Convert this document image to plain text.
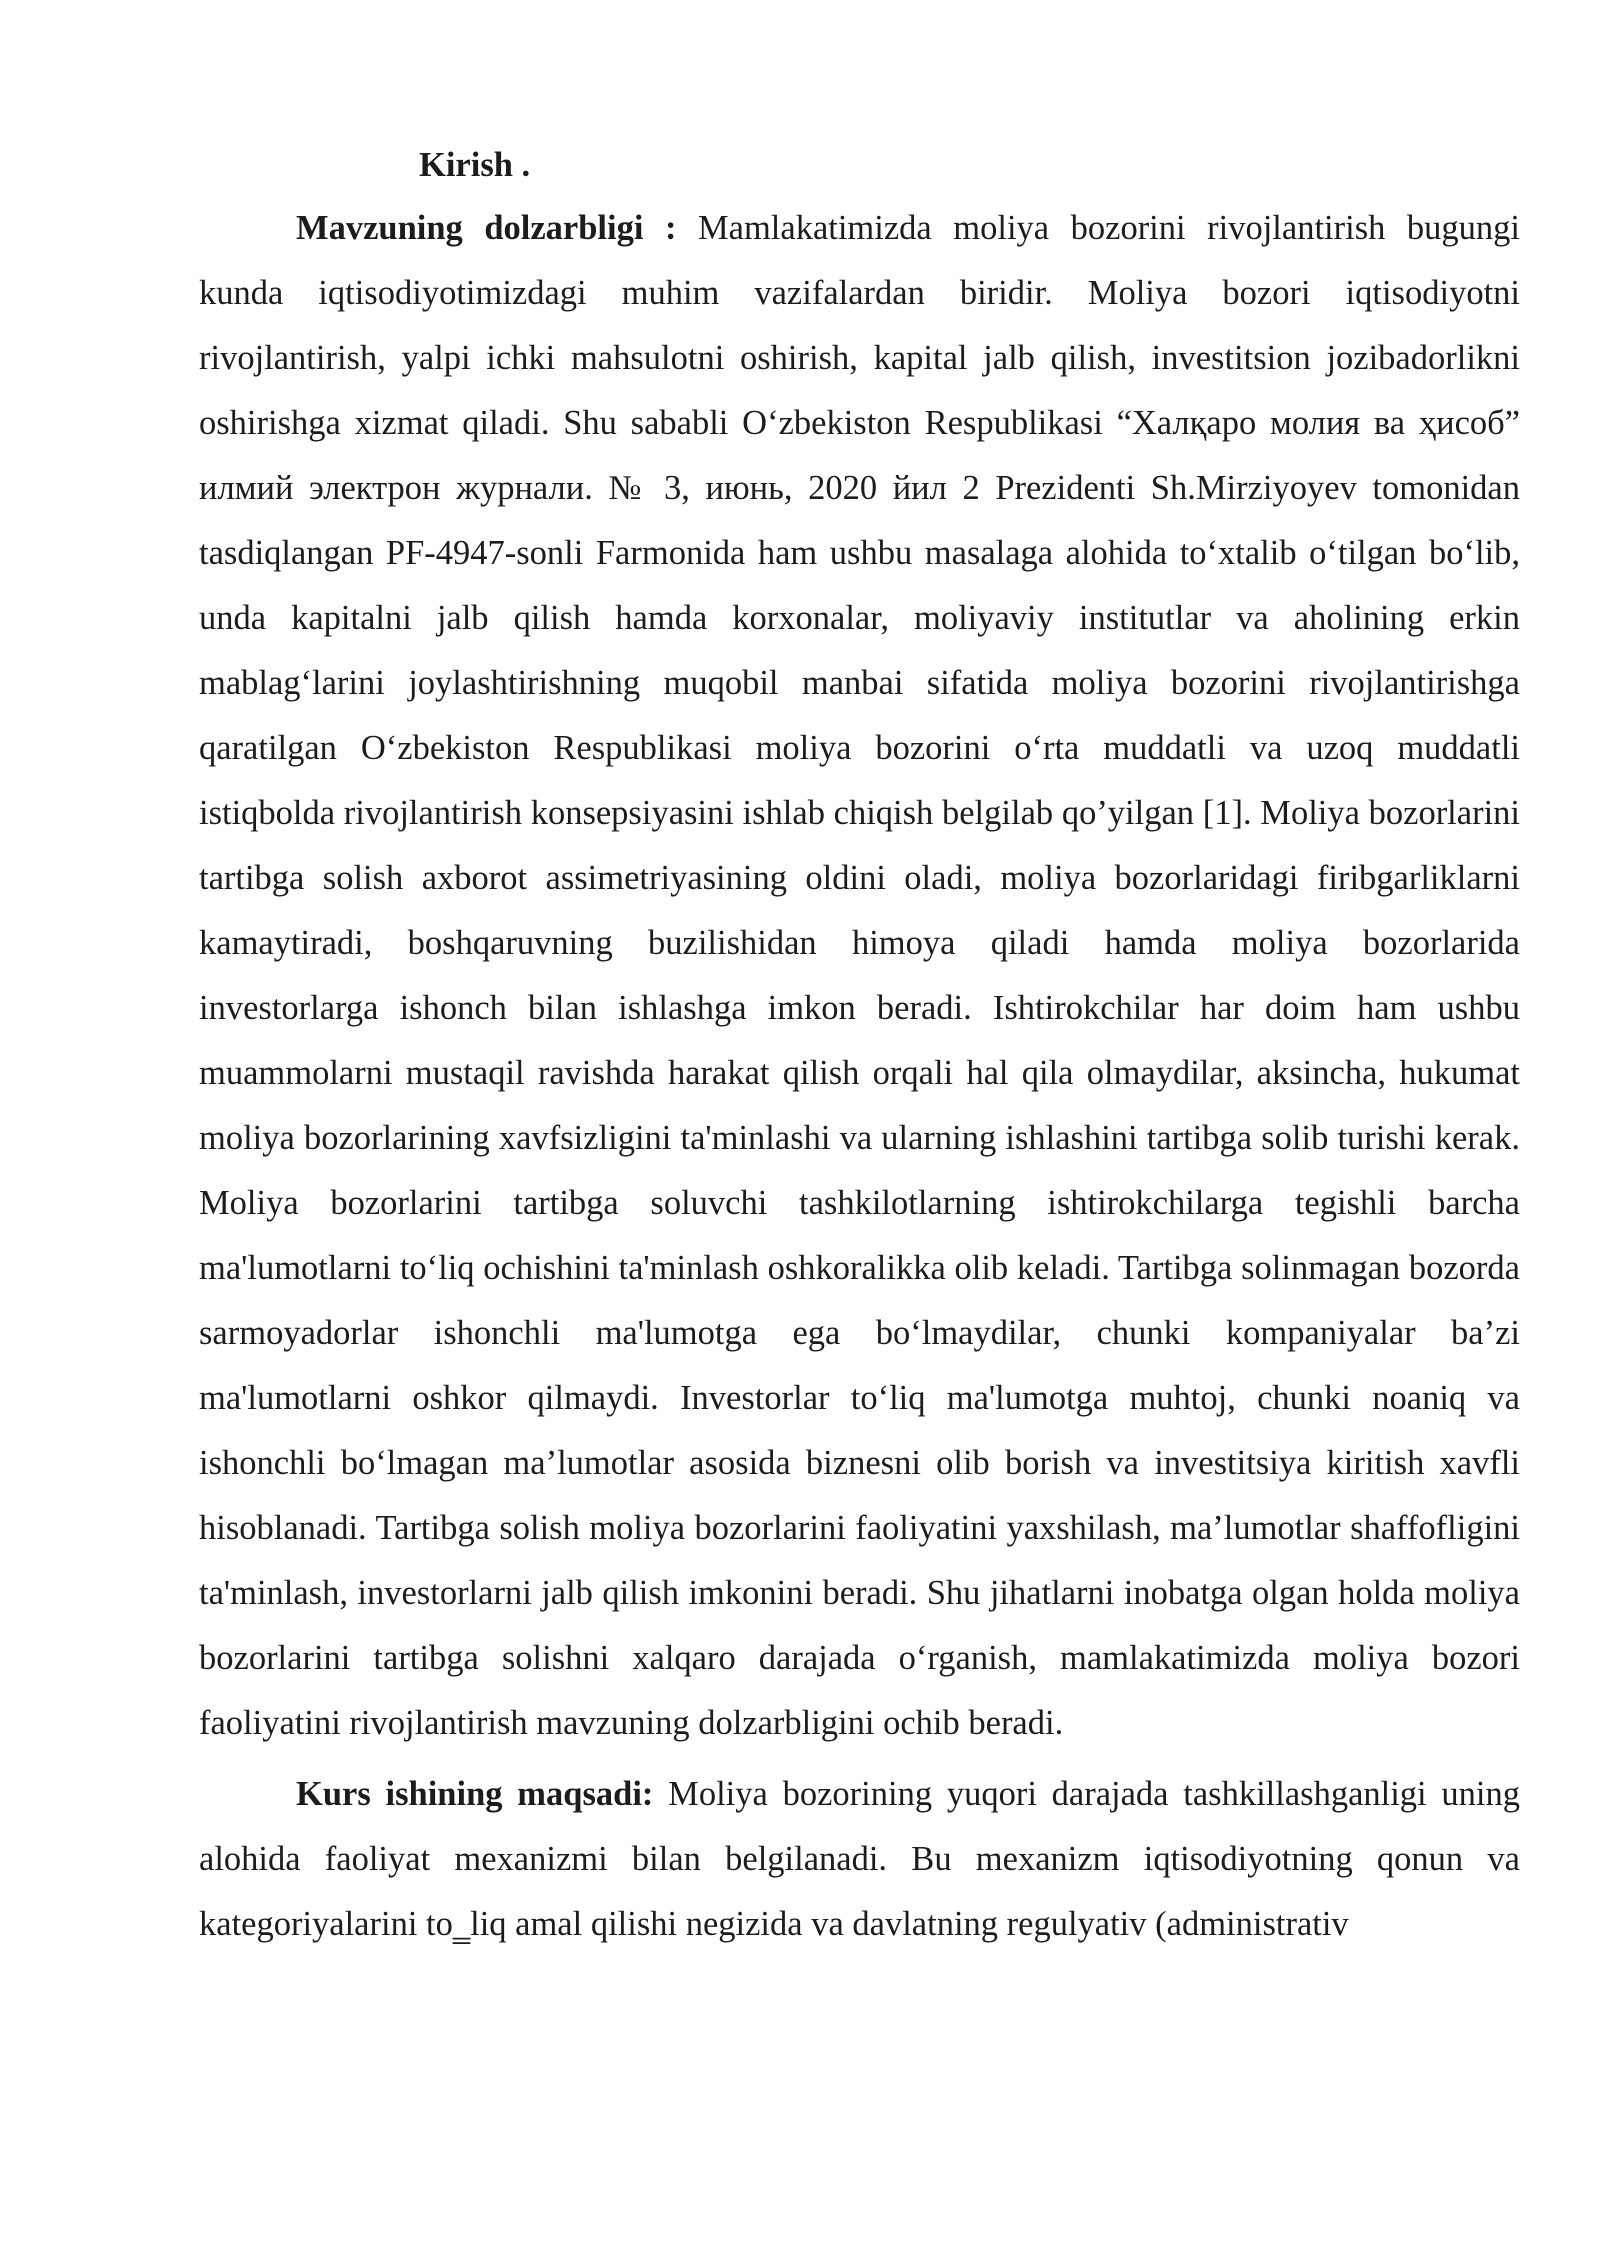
Kirish .

Mavzuning dolzarbligi : Mamlakatimizda moliya bozorini rivojlantirish bugungi kunda iqtisodiyotimizdagi muhim vazifalardan biridir. Moliya bozori iqtisodiyotni rivojlantirish, yalpi ichki mahsulotni oshirish, kapital jalb qilish, investitsion jozibadorlikni oshirishga xizmat qiladi. Shu sababli O‘zbekiston Respublikasi “Халқаро молия ва ҳисоб” илмий электрон журнали. № 3, июнь, 2020 йил 2 Prezidenti Sh.Mirziyoyev tomonidan tasdiqlangan PF-4947-sonli Farmonida ham ushbu masalaga alohida to‘xtalib o‘tilgan bo‘lib, unda kapitalni jalb qilish hamda korxonalar, moliyaviy institutlar va aholining erkin mablag‘larini joylashtirishning muqobil manbai sifatida moliya bozorini rivojlantirishga qaratilgan O‘zbekiston Respublikasi moliya bozorini o‘rta muddatli va uzoq muddatli istiqbolda rivojlantirish konsepsiyasini ishlab chiqish belgilab qo’yilgan [1]. Moliya bozorlarini tartibga solish axborot assimetriyasining oldini oladi, moliya bozorlaridagi firibgarliklarni kamaytiradi, boshqaruvning buzilishidan himoya qiladi hamda moliya bozorlarida investorlarga ishonch bilan ishlashga imkon beradi. Ishtirokchilar har doim ham ushbu muammolarni mustaqil ravishda harakat qilish orqali hal qila olmaydilar, aksincha, hukumat moliya bozorlarining xavfsizligini ta'minlashi va ularning ishlashini tartibga solib turishi kerak. Moliya bozorlarini tartibga soluvchi tashkilotlarning ishtirokchilarga tegishli barcha ma'lumotlarni to‘liq ochishini ta'minlash oshkoralikka olib keladi. Tartibga solinmagan bozorda sarmoyadorlar ishonchli ma'lumotga ega bo‘lmaydilar, chunki kompaniyalar ba’zi ma'lumotlarni oshkor qilmaydi. Investorlar to‘liq ma'lumotga muhtoj, chunki noaniq va ishonchli bo‘lmagan ma’lumotlar asosida biznesni olib borish va investitsiya kiritish xavfli hisoblanadi. Tartibga solish moliya bozorlarini faoliyatini yaxshilash, ma’lumotlar shaffofligini ta'minlash, investorlarni jalb qilish imkonini beradi. Shu jihatlarni inobatga olgan holda moliya bozorlarini tartibga solishni xalqaro darajada o‘rganish, mamlakatimizda moliya bozori faoliyatini rivojlantirish mavzuning dolzarbligini ochib beradi.

Kurs ishining maqsadi: Moliya bozorining yuqori darajada tashkillashganligi uning alohida faoliyat mexanizmi bilan belgilanadi. Bu mexanizm iqtisodiyotning qonun va kategoriyalarini to‗liq amal qilishi negizida va davlatning regulyativ (administrativ
